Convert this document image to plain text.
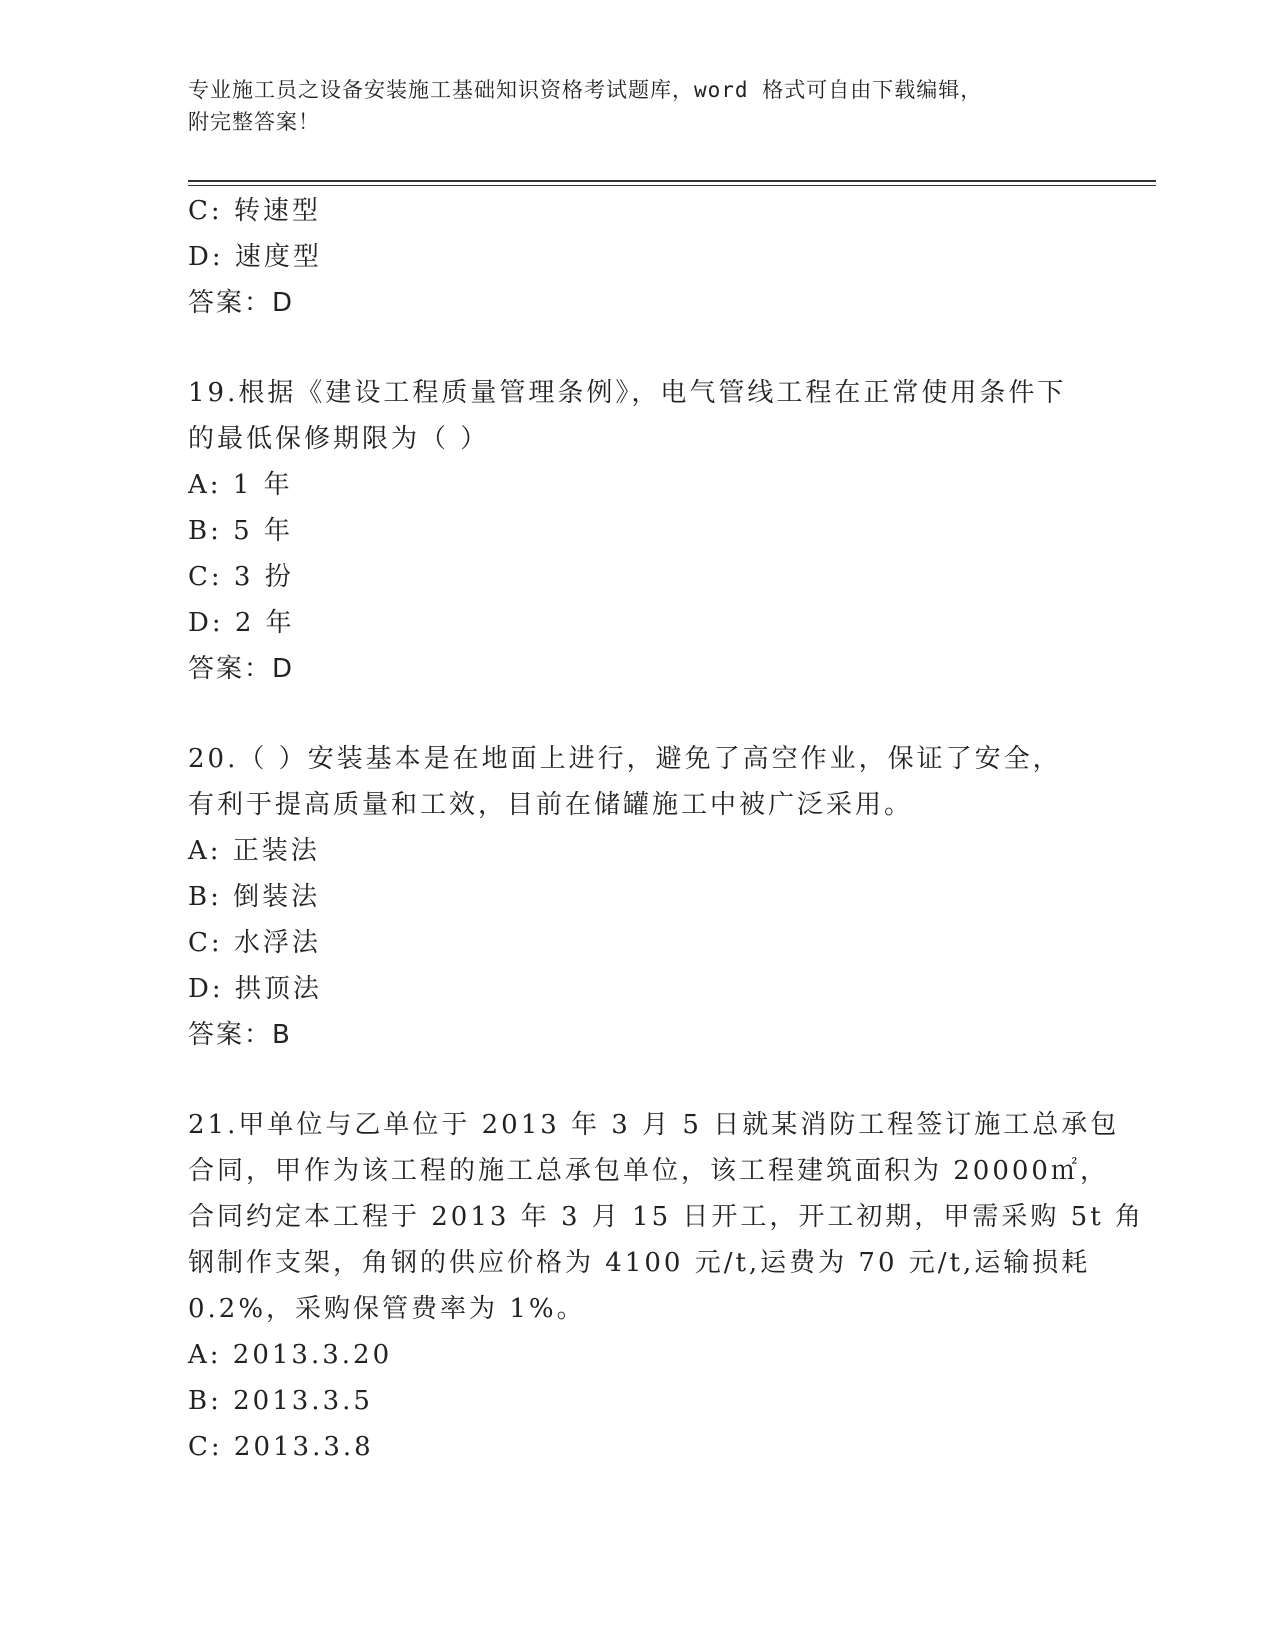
专业施工员之设备安装施工基础知识资格考试题库，word 格式可自由下载编辑，
附完整答案！
C: 转速型
D: 速度型
答案：D
19.根据《建设工程质量管理条例》，电气管线工程在正常使用条件下
的最低保修期限为（ ）
A: 1 年
B: 5 年
C: 3 扮
D: 2 年
答案：D
20.（ ）安装基本是在地面上进行，避免了高空作业，保证了安全，
有利于提高质量和工效，目前在储罐施工中被广泛采用。
A: 正装法
B: 倒装法
C: 水浮法
D: 拱顶法
答案：B
21.甲单位与乙单位于 2013 年 3 月 5 日就某消防工程签订施工总承包
合同，甲作为该工程的施工总承包单位，该工程建筑面积为 20000㎡，
合同约定本工程于 2013 年 3 月 15 日开工，开工初期，甲需采购 5t 角
钢制作支架，角钢的供应价格为 4100 元/t,运费为 70 元/t,运输损耗
0.2%，采购保管费率为 1%。
A: 2013.3.20
B: 2013.3.5
C: 2013.3.8
